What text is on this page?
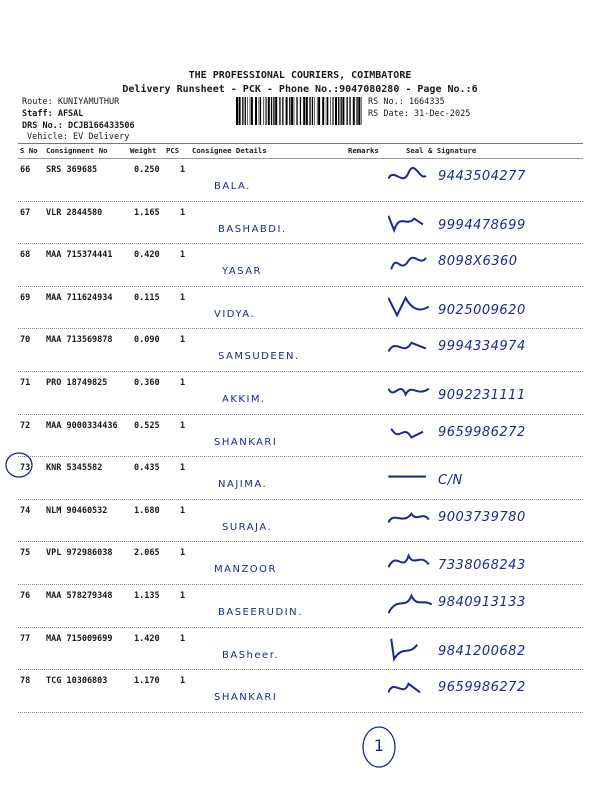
THE PROFESSIONAL COURIERS, COIMBATORE
Delivery Runsheet - PCK - Phone No.:9047080280 - Page No.:6
Route: KUNIYAMUTHUR
Staff: AFSAL
DRS No.: DCJB166433506
Vehicle: EV Delivery
RS No.: 1664335
RS Date: 31-Dec-2025
S No Consignment No	Weight PCS Consignee Details	Remarks	Seal & Signature
66 SRS 369685	0.250 1
BALA.
9443504277
67 VLR 2844580	1.165 1
BASHABDI.	9994478699
68 MAA 715374441	0.420 1
YASAR
8098X6360
69 MAA 711624934	0.115 1
VIDYA.	9025009620
70 MAA 713569878	0.090 1
SAMSUDEEN.
9994334974
71 PRO 18749825	0.360 1
AKKIM.	9092231111
72 MAA 9000334436 0.525 1
SHANKARI
9659986272
73 KNR 5345582	0.435 1
NAJIMA.	C/N
74 NLM 90460532	1.680 1
SURAJA.
9003739780
75 VPL 972986038	2.065 1
MANZOOR	7338068243
76 MAA 578279348	1.135 1
BASEERUDIN.
9840913133
77 MAA 715009699	1.420 1
BASheer.	9841200682
78 TCG 10306803	1.170 1
SHANKARI
9659986272
1
